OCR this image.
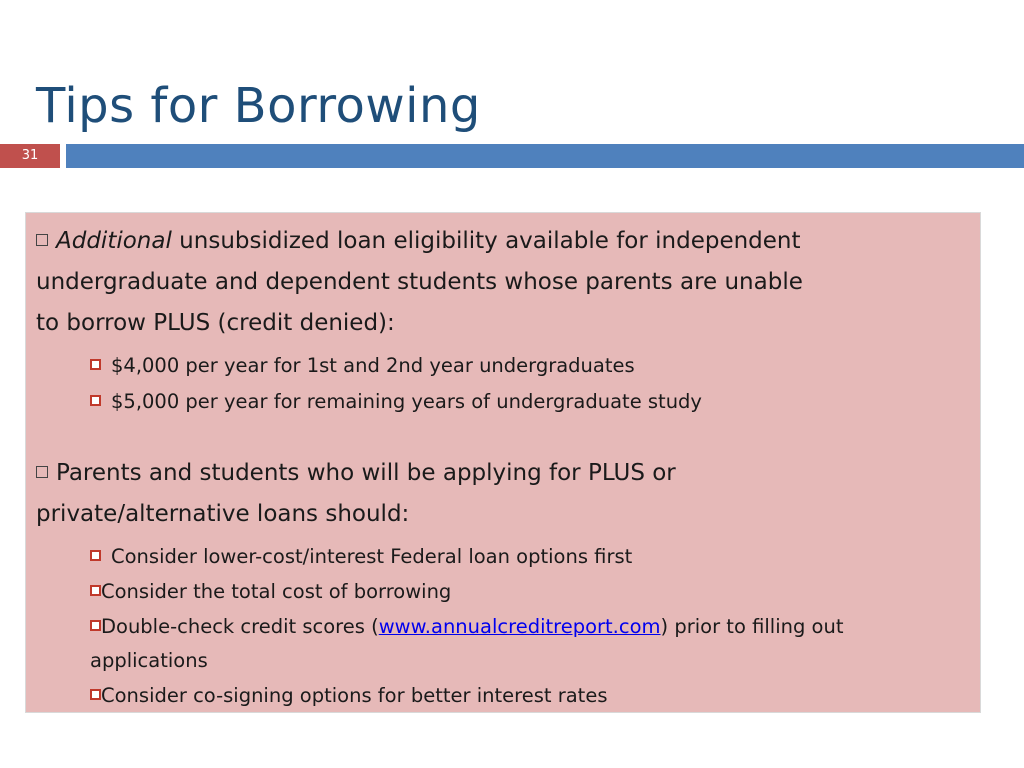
Tips for Borrowing
31
Additional unsubsidized loan eligibility available for independent
undergraduate and dependent students whose parents are unable
to borrow PLUS (credit denied):
$4,000 per year for 1st and 2nd year undergraduates
$5,000 per year for remaining years of undergraduate study
Parents and students who will be applying for PLUS or
private/alternative loans should:
Consider lower-cost/interest Federal loan options first
Consider the total cost of borrowing
Double-check credit scores (www.annualcreditreport.com) prior to filling out
applications
Consider co-signing options for better interest rates
